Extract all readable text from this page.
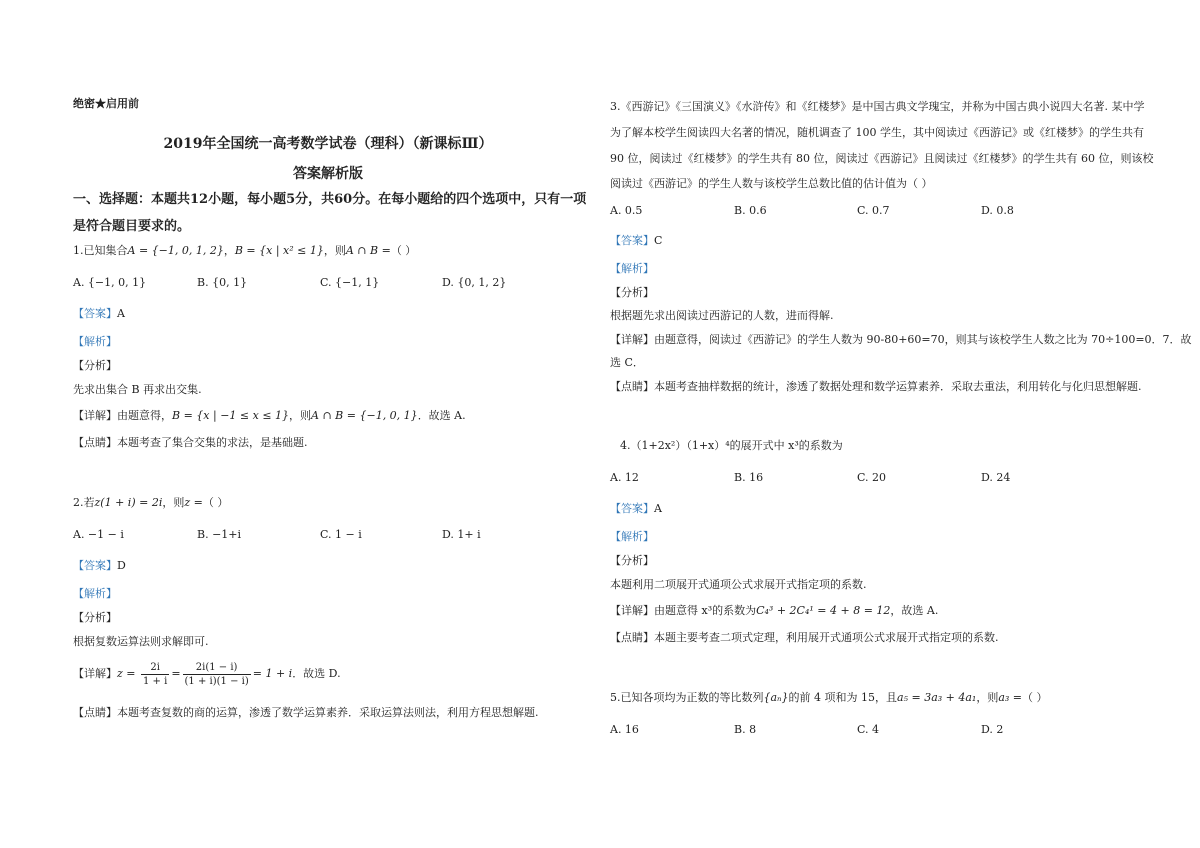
绝密★启用前
2019年全国统一高考数学试卷（理科）（新课标Ⅲ）
答案解析版
一、选择题：本题共12小题，每小题5分，共60分。在每小题给的四个选项中，只有一项是符合题目要求的。
1.已知集合A = {−1, 0, 1, 2}，B = {x | x² ≤ 1}，则A ∩ B =（ ）
A. {−1, 0, 1}	B. {0, 1}	C. {−1, 1}	D. {0, 1, 2}
【答案】A
【解析】
【分析】
先求出集合 B 再求出交集.
【详解】由题意得，B = {x | −1 ≤ x ≤ 1}，则A ∩ B = {−1, 0, 1}．故选 A.
【点睛】本题考查了集合交集的求法，是基础题.
2.若z(1 + i) = 2i，则z =（ ）
A. −1 − i	B. −1+i	C. 1 − i	D. 1+ i
【答案】D
【解析】
【分析】
根据复数运算法则求解即可.
【详解】$z = \frac{2i}{1 + i} = \frac{2i(1 - i)}{(1 + i)(1 - i)} = 1 + i$．故选 D.
【点睛】本题考查复数的商的运算，渗透了数学运算素养．采取运算法则法，利用方程思想解题.
3.《西游记》《三国演义》《水浒传》和《红楼梦》是中国古典文学瑰宝，并称为中国古典小说四大名著. 某中学
为了解本校学生阅读四大名著的情况，随机调查了 100 学生，其中阅读过《西游记》或《红楼梦》的学生共有
90 位，阅读过《红楼梦》的学生共有 80 位，阅读过《西游记》且阅读过《红楼梦》的学生共有 60 位，则该校
阅读过《西游记》的学生人数与该校学生总数比值的估计值为（ ）
A. 0.5	B. 0.6	C. 0.7	D. 0.8
【答案】C
【解析】
【分析】
根据题先求出阅读过西游记的人数，进而得解.
【详解】由题意得，阅读过《西游记》的学生人数为 90-80+60=70，则其与该校学生人数之比为 70÷100=0．7．故
选 C．
【点睛】本题考查抽样数据的统计，渗透了数据处理和数学运算素养．采取去重法，利用转化与化归思想解题.
4.（1+2x²）（1+x）⁴的展开式中 x³的系数为
A. 12	B. 16	C. 20	D. 24
【答案】A
【解析】
【分析】
本题利用二项展开式通项公式求展开式指定项的系数.
【详解】由题意得 x³的系数为C₄³ + 2C₄¹ = 4 + 8 = 12，故选 A.
【点睛】本题主要考查二项式定理，利用展开式通项公式求展开式指定项的系数.
5.已知各项均为正数的等比数列{aₙ}的前 4 项和为 15，且a₅ = 3a₃ + 4a₁，则a₃ =（ ）
A. 16	B. 8	C. 4	D. 2
